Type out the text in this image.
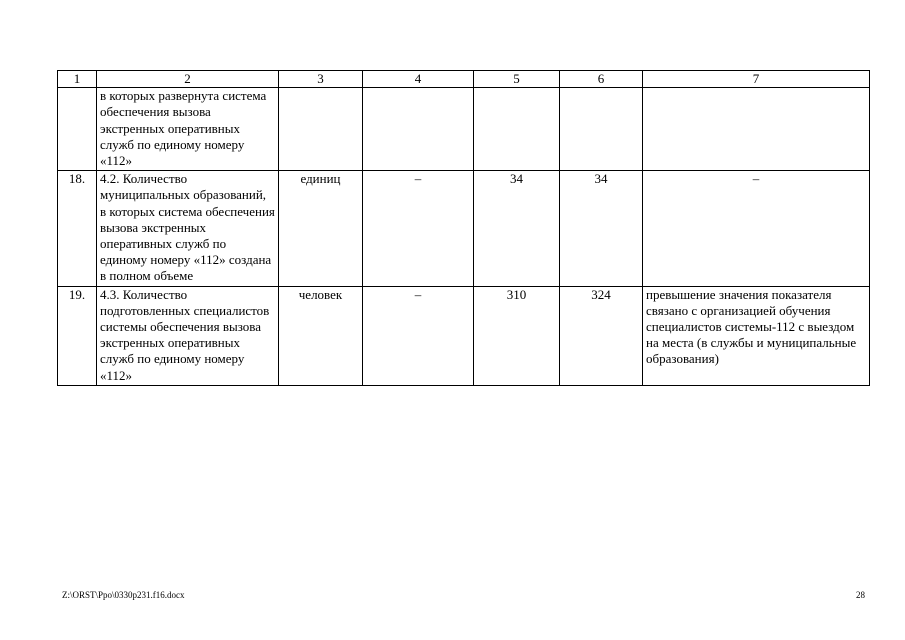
1	2	3	4	5	6	7
	в которых развернута система обеспечения вызова экстренных оперативных служб по единому номеру «112»					
18.	4.2. Количество муниципальных образований, в которых система обеспечения вызова экстренных оперативных служб по единому номеру «112» создана в полном объеме	единиц	–	34	34	–
19.	4.3. Количество подготовленных специалистов системы обеспечения вызова экстренных оперативных служб по единому номеру «112»	человек	–	310	324	превышение значения показателя связано с организацией обучения специалистов системы-112 с выездом на места (в службы и муниципальные образования)
Z:\ORST\Ppo\0330p231.f16.docx	28
